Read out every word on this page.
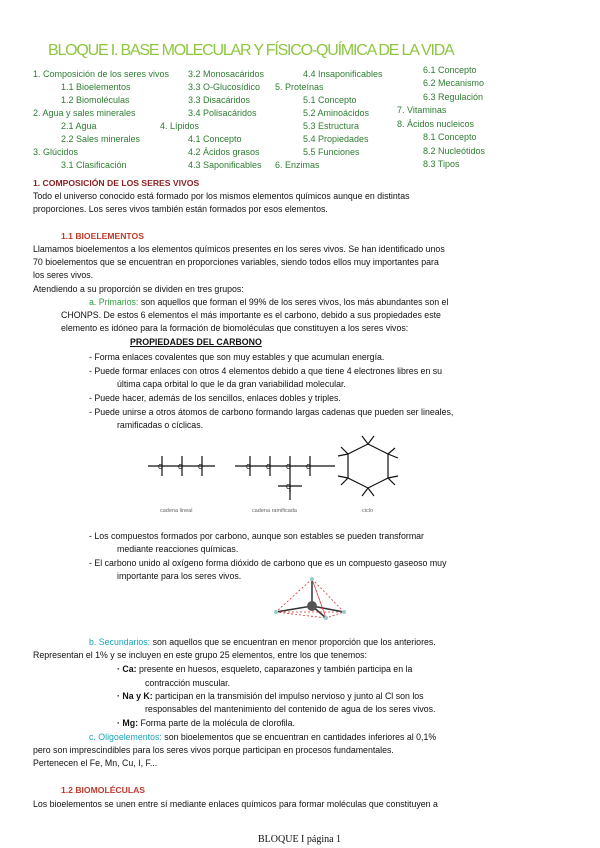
BLOQUE I. BASE MOLECULAR Y FÍSICO-QUÍMICA DE LA VIDA
1. Composición de los seres vivos
1.1 Bioelementos
1.2 Biomoléculas
2. Agua y sales minerales
2.1 Agua
2.2 Sales minerales
3. Glúcidos
3.1 Clasificación
3.2 Monosacáridos
3.3 O-Glucosídico
3.3 Disacáridos
3.4 Polisacáridos
4. Lípidos
4.1 Concepto
4.2 Ácidos grasos
4.3 Saponificables
4.4 Insaponificables
5. Proteínas
5.1 Concepto
5.2 Aminoácidos
5.3 Estructura
5.4 Propiedades
5.5 Funciones
6. Enzimas
6.1 Concepto
6.2 Mecanismo
6.3 Regulación
7. Vitaminas
8. Ácidos nucleicos
8.1 Concepto
8.2 Nucleótidos
8.3 Tipos
1. COMPOSICIÓN DE LOS SERES VIVOS
Todo el universo conocido está formado por los mismos elementos químicos aunque en distintas
proporciones. Los seres vivos también están formados por esos elementos.
1.1 BIOELEMENTOS
Llamamos bioelementos a los elementos químicos presentes en los seres vivos. Se han identificado unos
70 bioelementos que se encuentran en proporciones variables, siendo todos ellos muy importantes para
los seres vivos.
Atendiendo a su proporción se dividen en tres grupos:
a. Primarios: son aquellos que forman el 99% de los seres vivos, los más abundantes son el
CHONPS. De estos 6 elementos el más importante es el carbono, debido a sus propiedades este
elemento es idóneo para la formación de biomoléculas que constituyen a los seres vivos:
PROPIEDADES DEL CARBONO
- Forma enlaces covalentes que son muy estables y que acumulan energía.
- Puede formar enlaces con otros 4 elementos debido a que tiene 4 electrones libres en su
última capa orbital lo que le da gran variabilidad molecular.
- Puede hacer, además de los sencillos, enlaces dobles y triples.
- Puede unirse a otros átomos de carbono formando largas cadenas que pueden ser lineales,
ramificadas o cíclicas.
C C C	C C C C
C
cadena lineal	cadena ramificada	ciclo
- Los compuestos formados por carbono, aunque son estables se pueden transformar
mediante reacciones químicas.
- El carbono unido al oxígeno forma dióxido de carbono que es un compuesto gaseoso muy
importante para los seres vivos.
b. Secundarios: son aquellos que se encuentran en menor proporción que los anteriores.
Representan el 1% y se incluyen en este grupo 25 elementos, entre los que tenemos:
· Ca: presente en huesos, esqueleto, caparazones y también participa en la
contracción muscular.
· Na y K: participan en la transmisión del impulso nervioso y junto al Cl son los
responsables del mantenimiento del contenido de agua de los seres vivos.
· Mg: Forma parte de la molécula de clorofila.
c. Oligoelementos: son bioelementos que se encuentran en cantidades inferiores al 0,1%
pero son imprescindibles para los seres vivos porque participan en procesos fundamentales.
Pertenecen el Fe, Mn, Cu, I, F...
1.2 BIOMOLÉCULAS
Los bioelementos se unen entre sí mediante enlaces químicos para formar moléculas que constituyen a
BLOQUE I página 1
